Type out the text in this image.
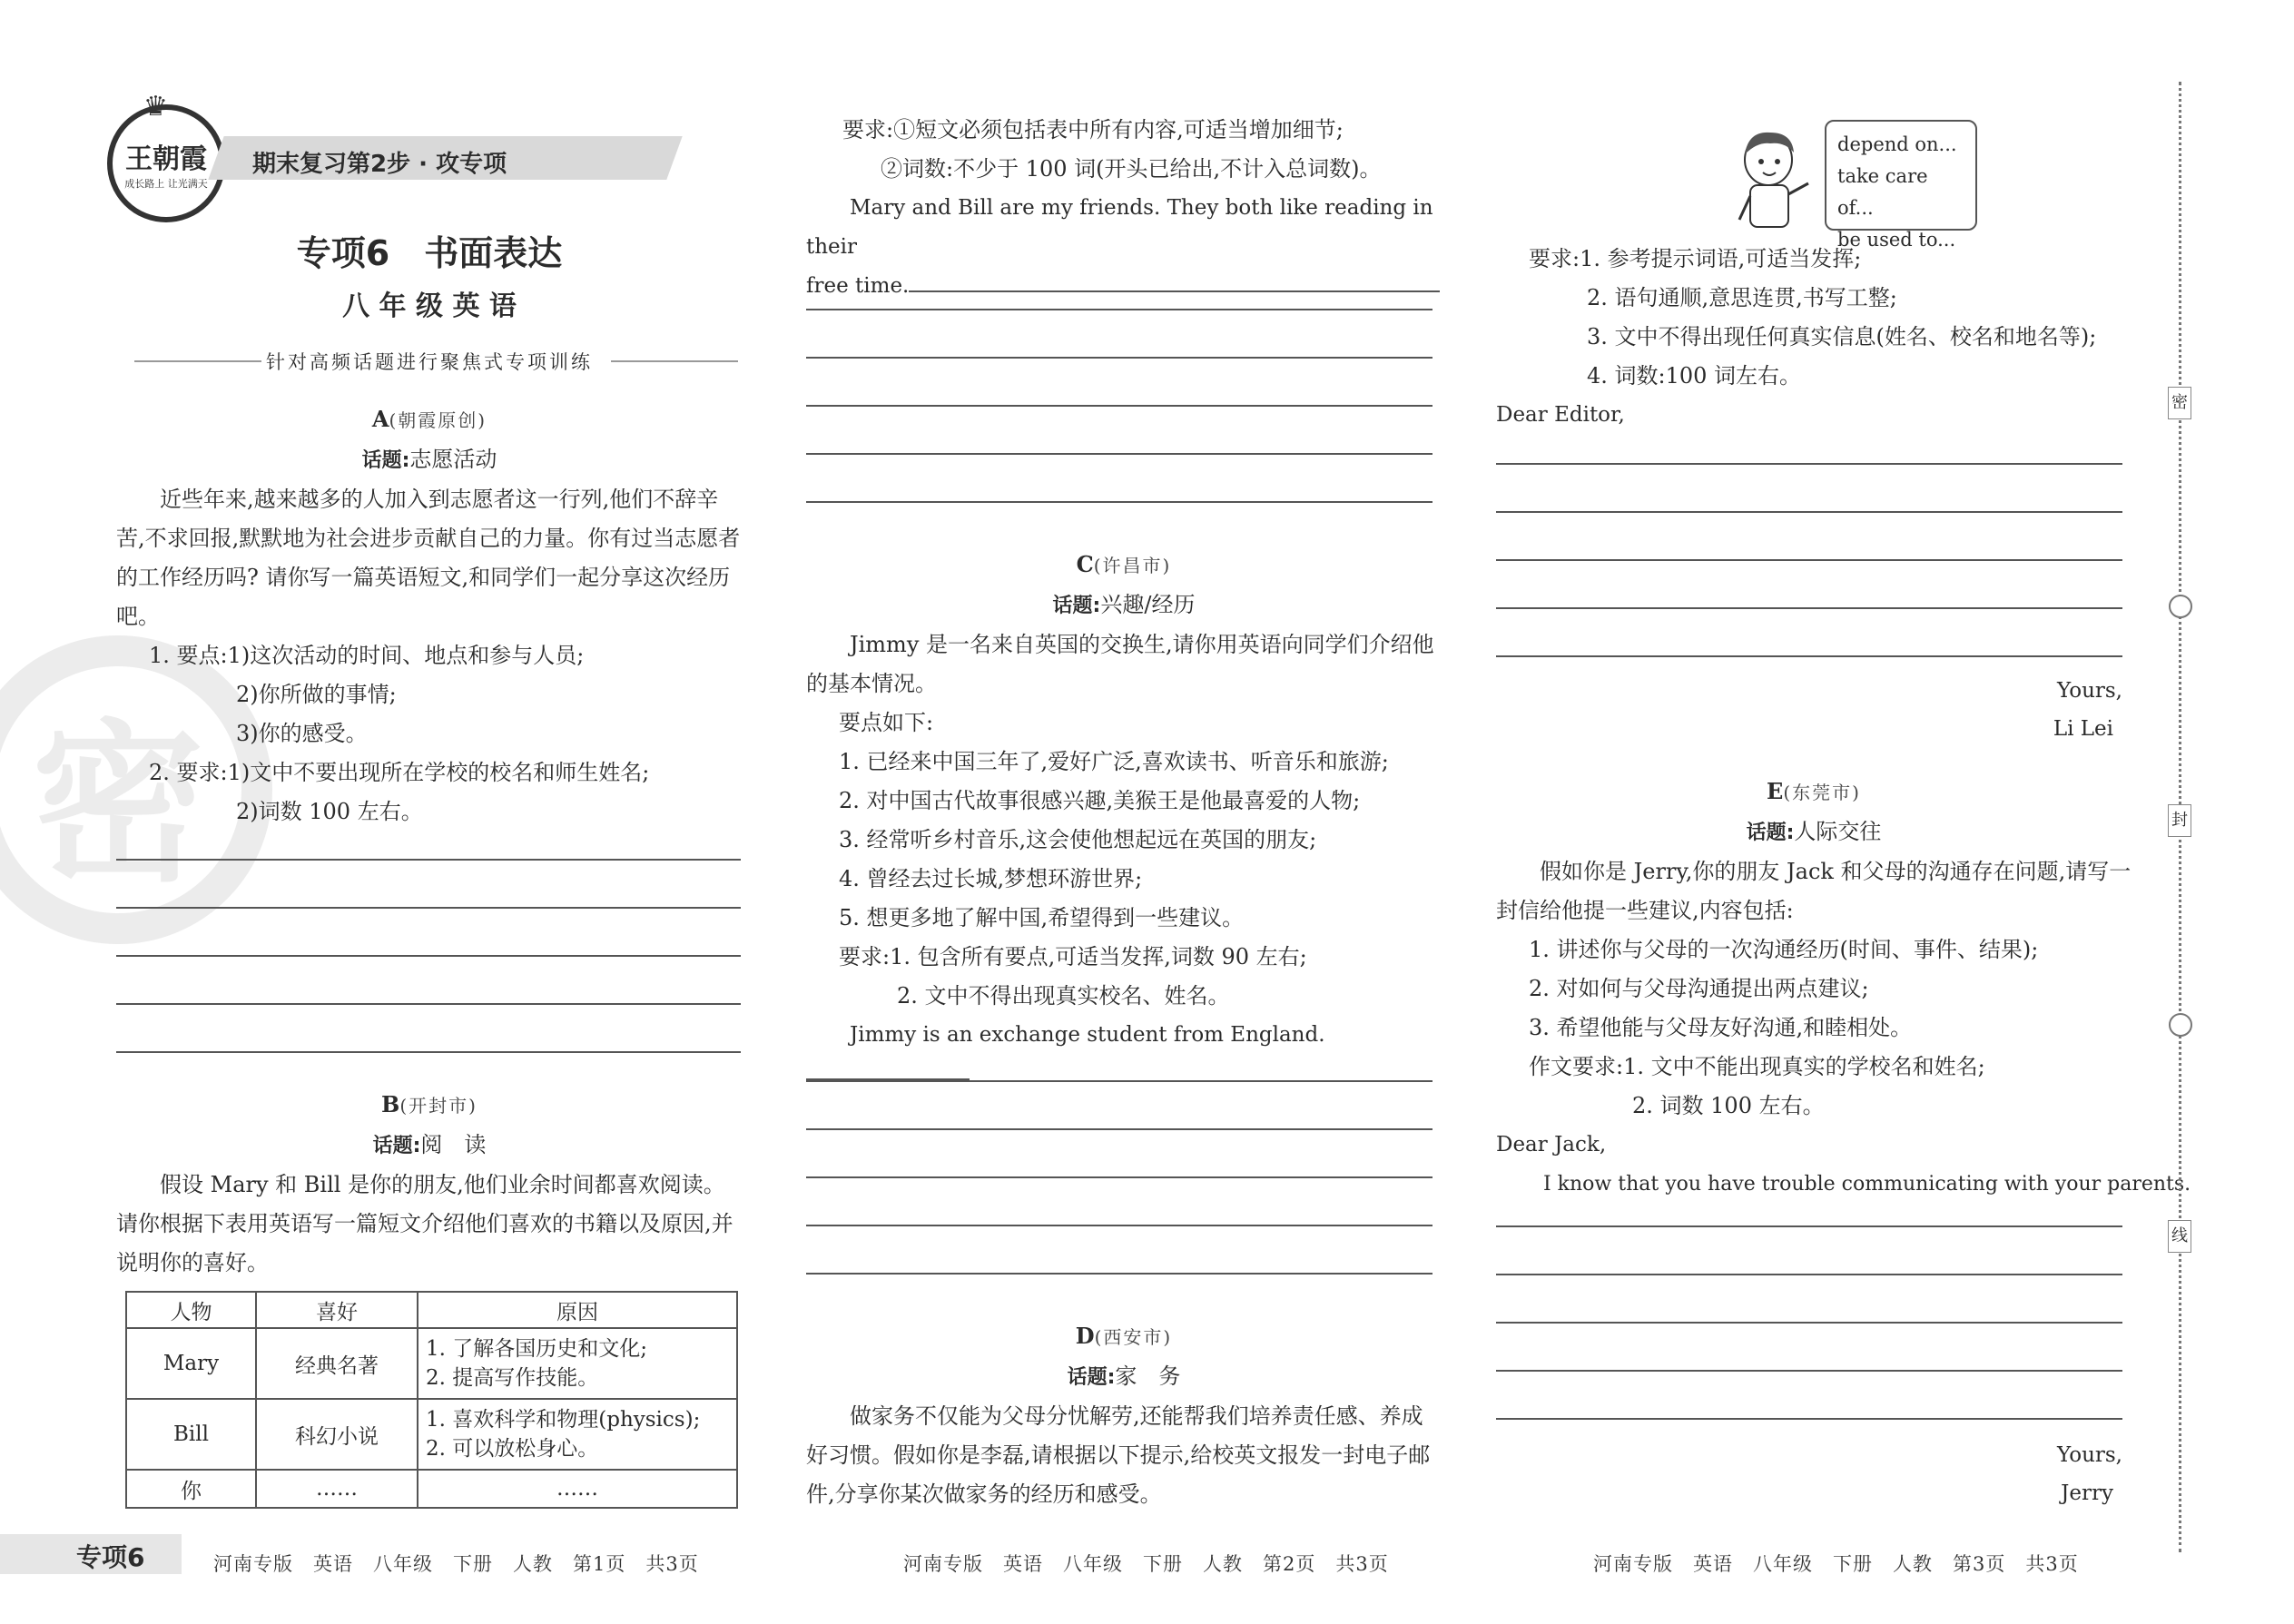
密
王朝霞
成长路上 让光满天
♛
期末复习第2步 · 攻专项
专项6　书面表达
八 年 级 英 语
针对高频话题进行聚焦式专项训练

A(朝霞原创)

话题:志愿活动

近些年来,越来越多的人加入到志愿者这一行列,他们不辞辛苦,不求回报,默默地为社会进步贡献自己的力量。你有过当志愿者的工作经历吗? 请你写一篇英语短文,和同学们一起分享这次经历吧。

1. 要点:1)这次活动的时间、地点和参与人员;

2)你所做的事情;

3)你的感受。

2. 要求:1)文中不要出现所在学校的校名和师生姓名;

2)词数 100 左右。

B(开封市)

话题:阅　读

假设 Mary 和 Bill 是你的朋友,他们业余时间都喜欢阅读。请你根据下表用英语写一篇短文介绍他们喜欢的书籍以及原因,并说明你的喜好。

人物	喜好	原因
Mary	经典名著	1. 了解各国历史和文化;
2. 提高写作技能。

Bill	科幻小说	1. 喜欢科学和物理(physics);
2. 可以放松身心。

你	……	……

要求:①短文必须包括表中所有内容,可适当增加细节;

②词数:不少于 100 词(开头已给出,不计入总词数)。

Mary and Bill are my friends. They both like reading in their

free time.

C(许昌市)

话题:兴趣/经历

Jimmy 是一名来自英国的交换生,请你用英语向同学们介绍他的基本情况。

要点如下:

1. 已经来中国三年了,爱好广泛,喜欢读书、听音乐和旅游;

2. 对中国古代故事很感兴趣,美猴王是他最喜爱的人物;

3. 经常听乡村音乐,这会使他想起远在英国的朋友;

4. 曾经去过长城,梦想环游世界;

5. 想更多地了解中国,希望得到一些建议。

要求:1. 包含所有要点,可适当发挥,词数 90 左右;

2. 文中不得出现真实校名、姓名。

Jimmy is an exchange student from England.

D(西安市)

话题:家　务

做家务不仅能为父母分忧解劳,还能帮我们培养责任感、养成好习惯。假如你是李磊,请根据以下提示,给校英文报发一封电子邮件,分享你某次做家务的经历和感受。

depend on...
take care of...
be used to...

要求:1. 参考提示词语,可适当发挥;

2. 语句通顺,意思连贯,书写工整;

3. 文中不得出现任何真实信息(姓名、校名和地名等);

4. 词数:100 词左右。

Dear Editor,

Yours,
Li Lei

E(东莞市)

话题:人际交往

假如你是 Jerry,你的朋友 Jack 和父母的沟通存在问题,请写一封信给他提一些建议,内容包括:

1. 讲述你与父母的一次沟通经历(时间、事件、结果);

2. 对如何与父母沟通提出两点建议;

3. 希望他能与父母友好沟通,和睦相处。

作文要求:1. 文中不能出现真实的学校名和姓名;

2. 词数 100 左右。

Dear Jack,

I know that you have trouble communicating with your parents.

Yours,
Jerry
密
封
线
专项6	河南专版　英语　八年级　下册　人教　第1页　共3页	河南专版　英语　八年级　下册　人教　第2页　共3页	河南专版　英语　八年级　下册　人教　第3页　共3页
